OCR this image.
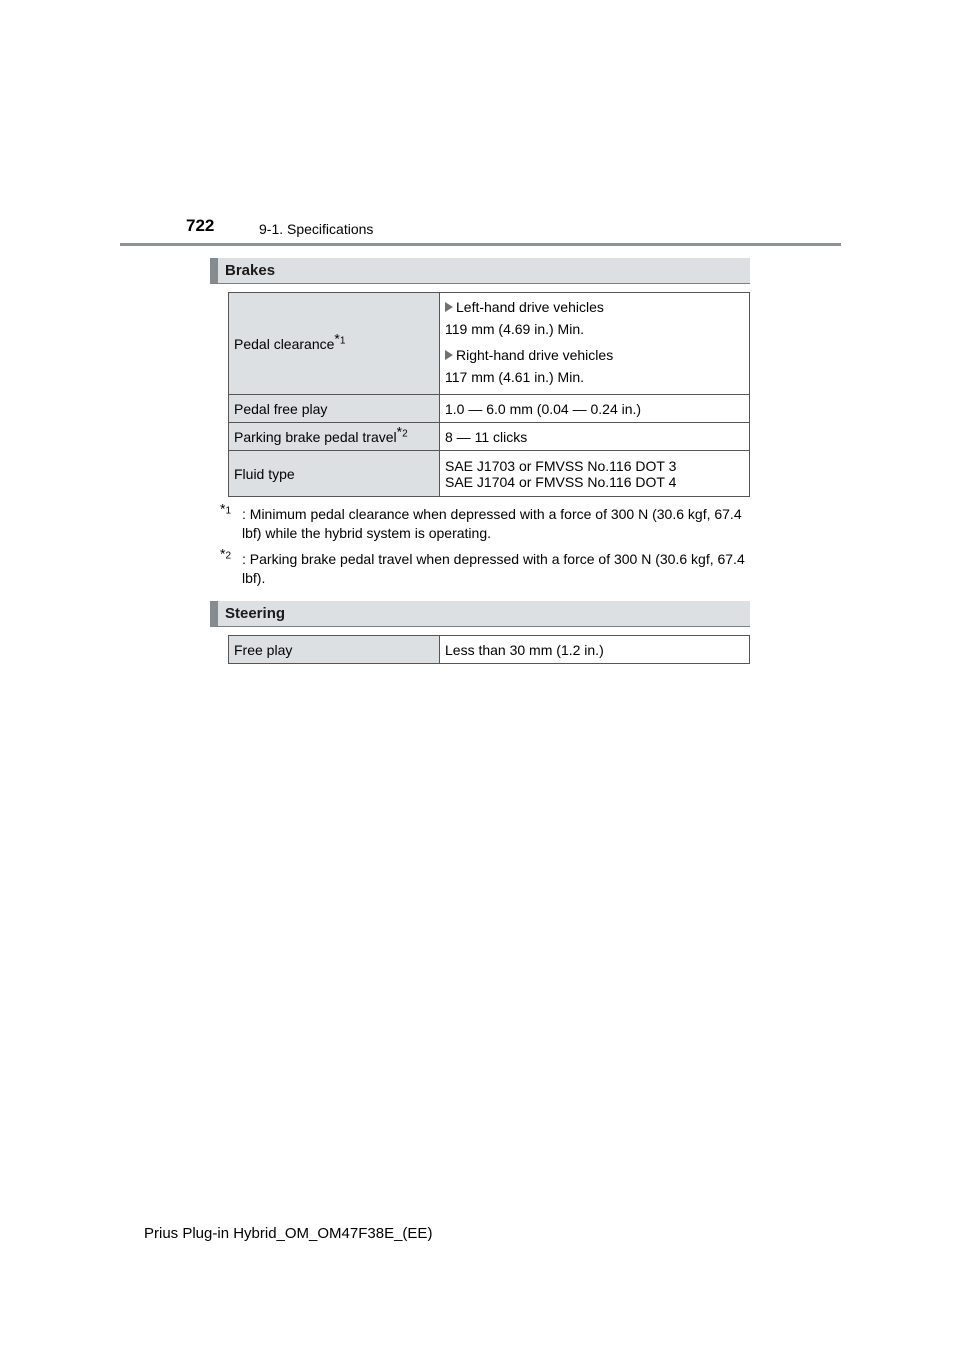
722	9-1. Specifications
Brakes
Pedal clearance*$^1$	Left-hand drive vehicles
119 mm (4.69 in.) Min.
Right-hand drive vehicles
117 mm (4.61 in.) Min.

Pedal free play	1.0 — 6.0 mm (0.04 — 0.24 in.)
Parking brake pedal travel*$^2$	8 — 11 clicks
Fluid type	SAE J1703 or FMVSS No.116 DOT 3
SAE J1704 or FMVSS No.116 DOT 4
*$^1$ : Minimum pedal clearance when depressed with a force of 300 N (30.6 kgf, 67.4 lbf) while the hybrid system is operating.
*$^2$ : Parking brake pedal travel when depressed with a force of 300 N (30.6 kgf, 67.4 lbf).
Steering
Free play	Less than 30 mm (1.2 in.)
Prius Plug-in Hybrid_OM_OM47F38E_(EE)
